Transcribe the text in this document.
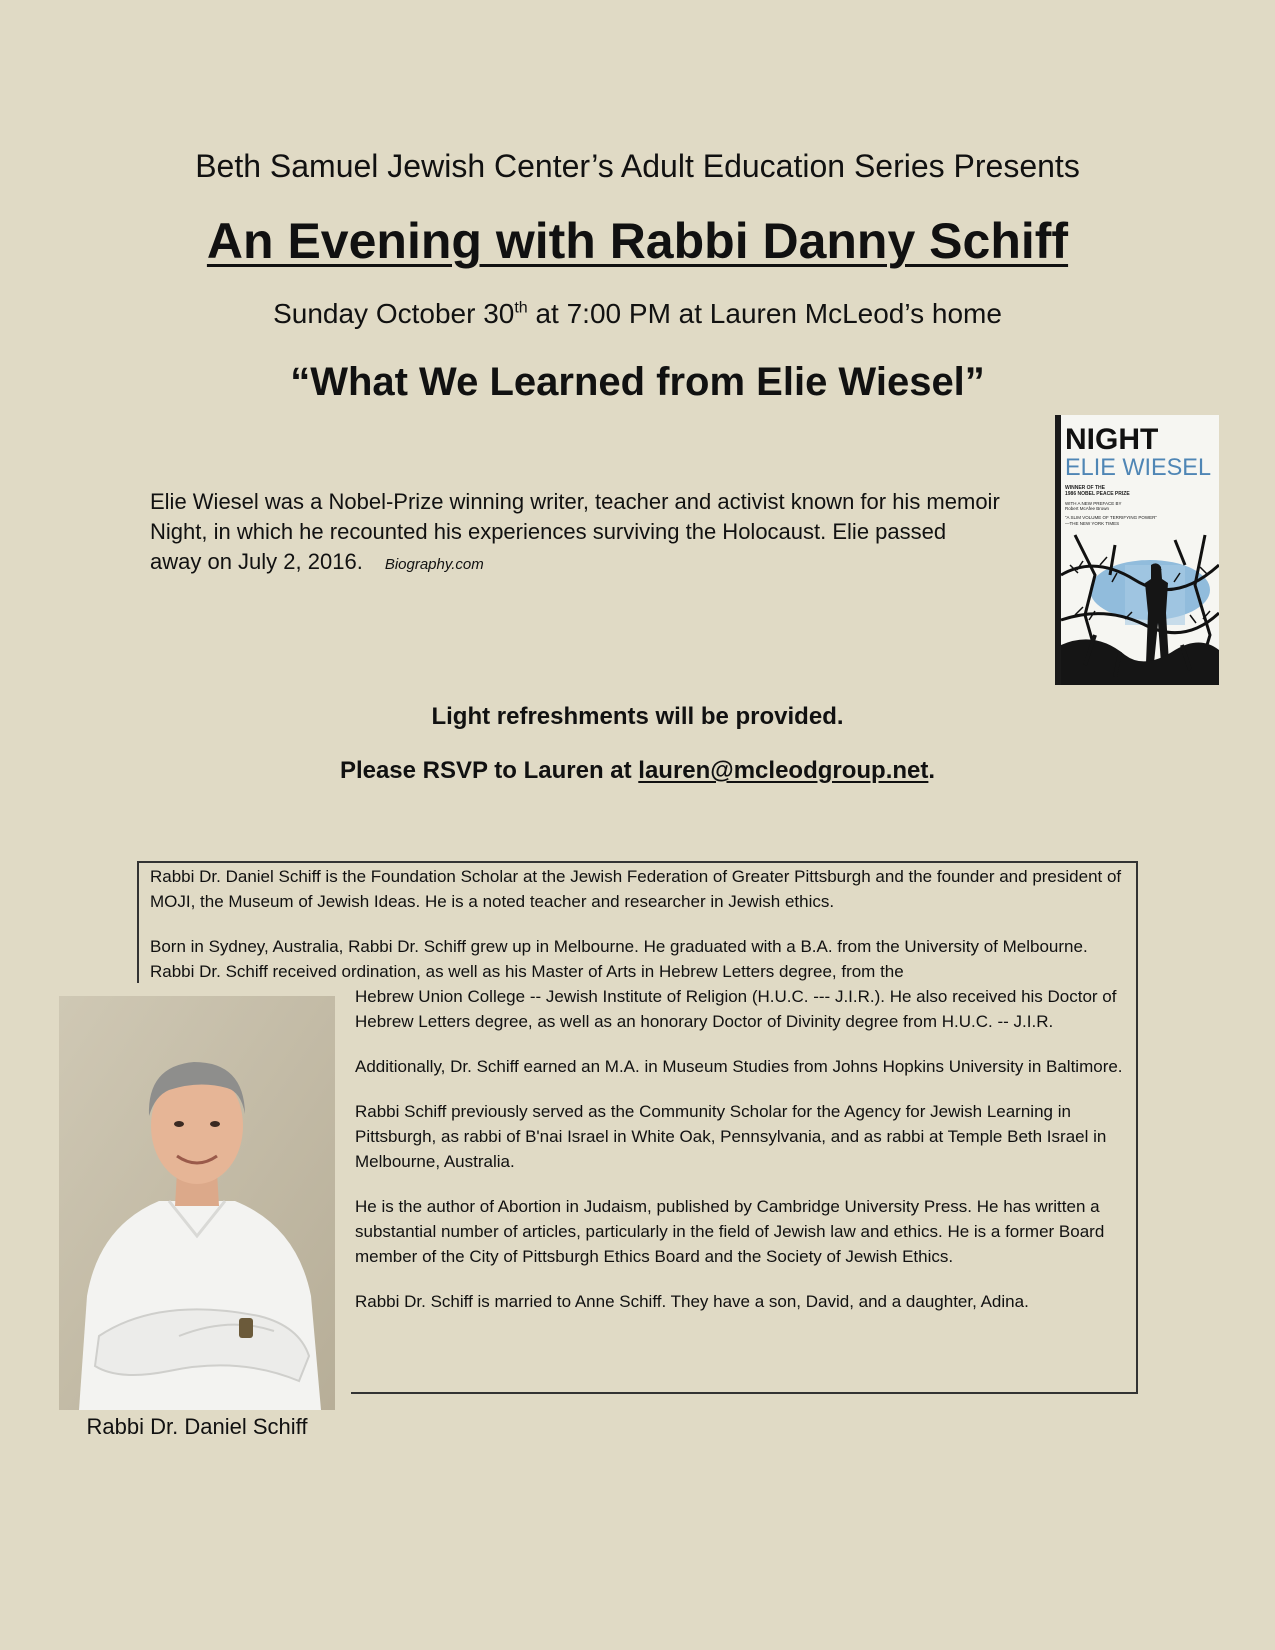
Beth Samuel Jewish Center’s Adult Education Series Presents
An Evening with Rabbi Danny Schiff
Sunday October 30th at 7:00 PM at Lauren McLeod’s home
“What We Learned from Elie Wiesel”
Elie Wiesel was a Nobel-Prize winning writer, teacher and activist known for his memoir Night, in which he recounted his experiences surviving the Holocaust. Elie passed away on July 2, 2016. Biography.com
NIGHT
ELIE WIESEL
WINNER OF THE
1986 NOBEL PEACE PRIZE
WITH A NEW PREFACE BY
Robert McAfee Brown
“A SLIM VOLUME OF TERRIFYING POWER”
—THE NEW YORK TIMES
Light refreshments will be provided.
Please RSVP to Lauren at lauren@mcleodgroup.net.

Rabbi Dr. Daniel Schiff is the Foundation Scholar at the Jewish Federation of Greater Pittsburgh and the founder and president of MOJI, the Museum of Jewish Ideas. He is a noted teacher and researcher in Jewish ethics.

Born in Sydney, Australia, Rabbi Dr. Schiff grew up in Melbourne. He graduated with a B.A. from the University of Melbourne. Rabbi Dr. Schiff received ordination, as well as his Master of Arts in Hebrew Letters degree, from the

Hebrew Union College -- Jewish Institute of Religion (H.U.C. --- J.I.R.). He also received his Doctor of Hebrew Letters degree, as well as an honorary Doctor of Divinity degree from H.U.C. -- J.I.R.

Additionally, Dr. Schiff earned an M.A. in Museum Studies from Johns Hopkins University in Baltimore.

Rabbi Schiff previously served as the Community Scholar for the Agency for Jewish Learning in Pittsburgh, as rabbi of B'nai Israel in White Oak, Pennsylvania, and as rabbi at Temple Beth Israel in Melbourne, Australia.

He is the author of Abortion in Judaism, published by Cambridge University Press. He has written a substantial number of articles, particularly in the field of Jewish law and ethics. He is a former Board member of the City of Pittsburgh Ethics Board and the Society of Jewish Ethics.

Rabbi Dr. Schiff is married to Anne Schiff. They have a son, David, and a daughter, Adina.

Rabbi Dr. Daniel Schiff
